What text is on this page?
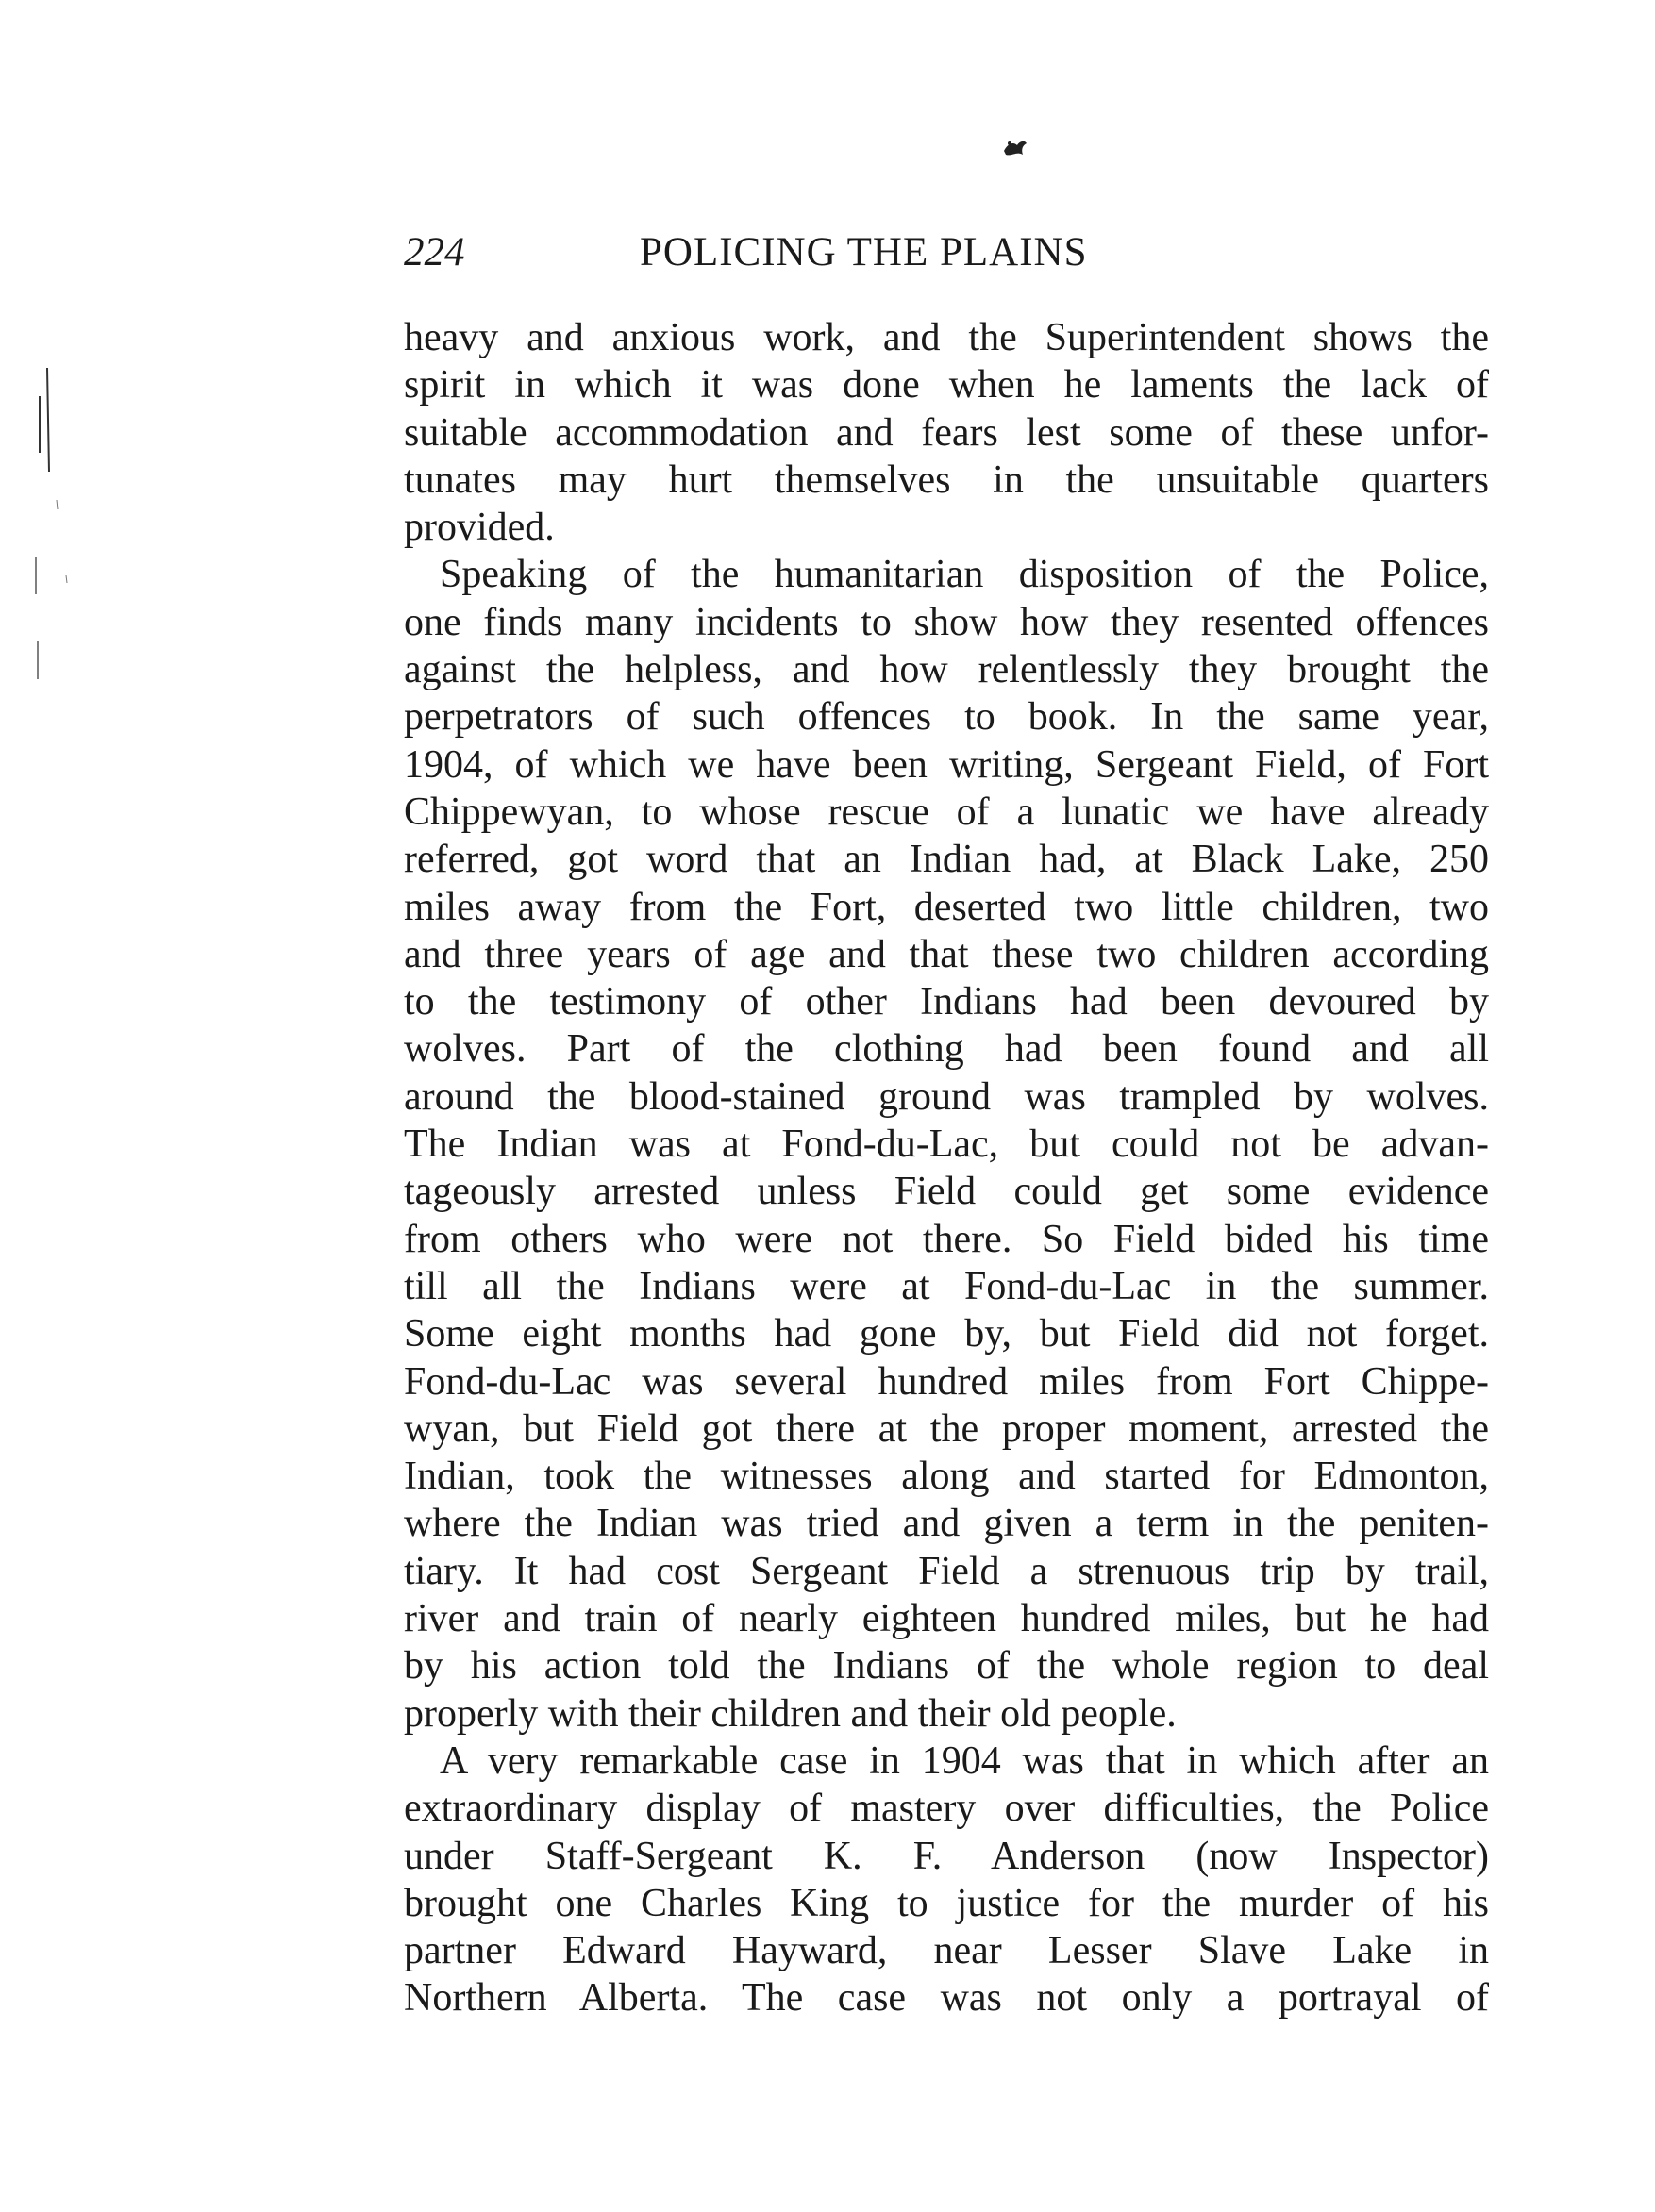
224	POLICING THE PLAINS
heavy and anxious work, and the Superintendent shows the
spirit in which it was done when he laments the lack of
suitable accommodation and fears lest some of these unfor-
tunates may hurt themselves in the unsuitable quarters
provided.
Speaking of the humanitarian disposition of the Police,
one finds many incidents to show how they resented offences
against the helpless, and how relentlessly they brought the
perpetrators of such offences to book. In the same year,
1904, of which we have been writing, Sergeant Field, of Fort
Chippewyan, to whose rescue of a lunatic we have already
referred, got word that an Indian had, at Black Lake, 250
miles away from the Fort, deserted two little children, two
and three years of age and that these two children according
to the testimony of other Indians had been devoured by
wolves. Part of the clothing had been found and all
around the blood-stained ground was trampled by wolves.
The Indian was at Fond-du-Lac, but could not be advan-
tageously arrested unless Field could get some evidence
from others who were not there. So Field bided his time
till all the Indians were at Fond-du-Lac in the summer.
Some eight months had gone by, but Field did not forget.
Fond-du-Lac was several hundred miles from Fort Chippe-
wyan, but Field got there at the proper moment, arrested the
Indian, took the witnesses along and started for Edmonton,
where the Indian was tried and given a term in the peniten-
tiary. It had cost Sergeant Field a strenuous trip by trail,
river and train of nearly eighteen hundred miles, but he had
by his action told the Indians of the whole region to deal
properly with their children and their old people.
A very remarkable case in 1904 was that in which after an
extraordinary display of mastery over difficulties, the Police
under Staff-Sergeant K. F. Anderson (now Inspector)
brought one Charles King to justice for the murder of his
partner Edward Hayward, near Lesser Slave Lake in
Northern Alberta. The case was not only a portrayal of
